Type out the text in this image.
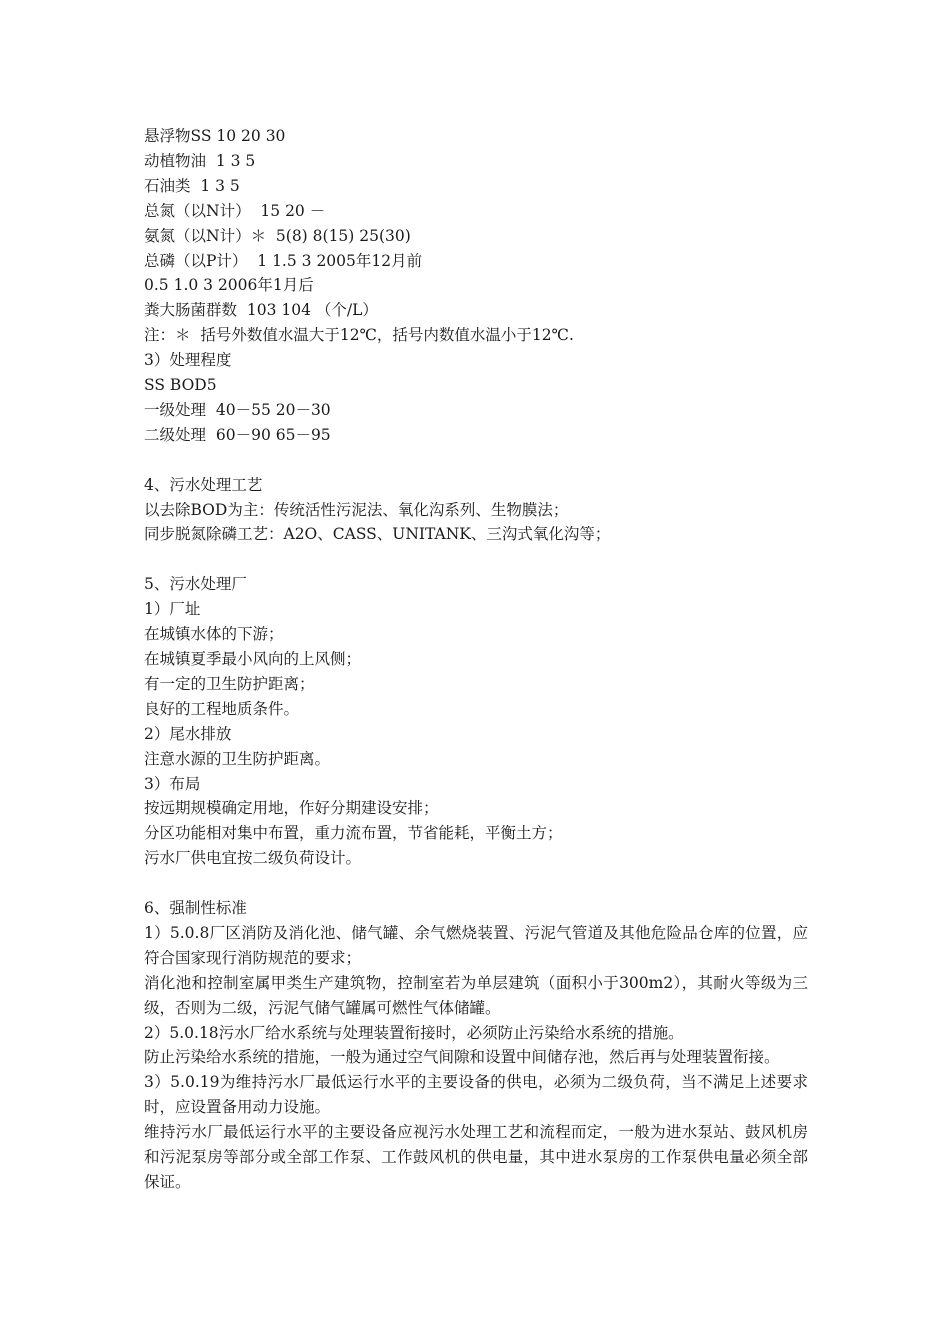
悬浮物SS 10 20 30

动植物油  1 3 5

石油类  1 3 5

总氮（以N计）  15 20 －

氨氮（以N计）＊  5(8) 8(15) 25(30)

总磷（以P计）  1 1.5 3 2005年12月前

0.5 1.0 3 2006年1月后

粪大肠菌群数  103 104 （个/L）

注：＊  括号外数值水温大于12℃，括号内数值水温小于12℃.

3）处理程度

SS BOD5

一级处理  40－55 20－30

二级处理  60－90 65－95

4、污水处理工艺

以去除BOD为主：传统活性污泥法、氧化沟系列、生物膜法；

同步脱氮除磷工艺：A2O、CASS、UNITANK、三沟式氧化沟等；

5、污水处理厂

1）厂址

在城镇水体的下游；

在城镇夏季最小风向的上风侧；

有一定的卫生防护距离；

良好的工程地质条件。

2）尾水排放

注意水源的卫生防护距离。

3）布局

按远期规模确定用地，作好分期建设安排；

分区功能相对集中布置，重力流布置，节省能耗，平衡土方；

污水厂供电宜按二级负荷设计。

6、强制性标准

1）5.0.8厂区消防及消化池、储气罐、余气燃烧装置、污泥气管道及其他危险品仓库的位置，应符合国家现行消防规范的要求；

消化池和控制室属甲类生产建筑物，控制室若为单层建筑（面积小于300m2），其耐火等级为三级，否则为二级，污泥气储气罐属可燃性气体储罐。

2）5.0.18污水厂给水系统与处理装置衔接时，必须防止污染给水系统的措施。

防止污染给水系统的措施，一般为通过空气间隙和设置中间储存池，然后再与处理装置衔接。

3）5.0.19为维持污水厂最低运行水平的主要设备的供电，必须为二级负荷，当不满足上述要求时，应设置备用动力设施。

维持污水厂最低运行水平的主要设备应视污水处理工艺和流程而定，一般为进水泵站、鼓风机房和污泥泵房等部分或全部工作泵、工作鼓风机的供电量，其中进水泵房的工作泵供电量必须全部保证。
